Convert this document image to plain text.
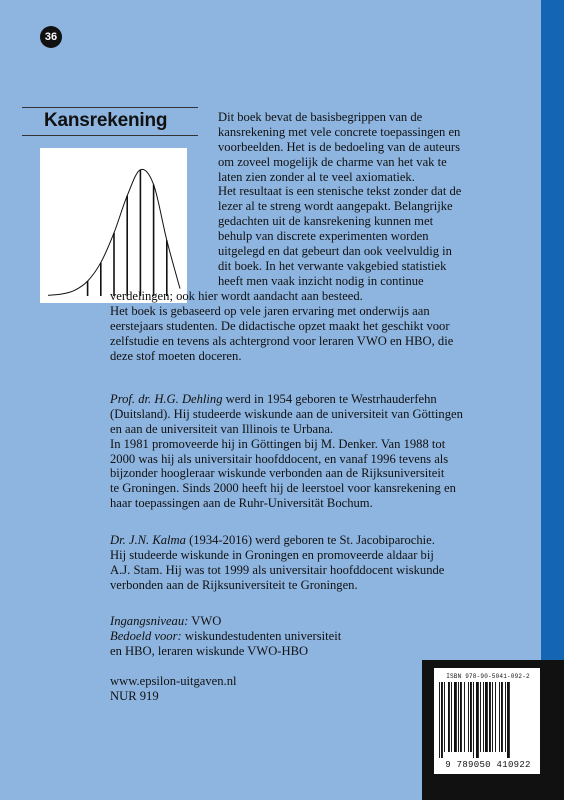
36
Kansrekening	Dit boek bevat de basisbegrippen van de
kansrekening met vele concrete toepassingen en
voorbeelden. Het is de bedoeling van de auteurs
om zoveel mogelijk de charme van het vak te
laten zien zonder al te veel axiomatiek.
Het resultaat is een stenische tekst zonder dat de
lezer al te streng wordt aangepakt. Belangrijke
gedachten uit de kansrekening kunnen met
behulp van discrete experimenten worden
uitgelegd en dat gebeurt dan ook veelvuldig in
dit boek. In het verwante vakgebied statistiek
heeft men vaak inzicht nodig in continue
verdelingen; ook hier wordt aandacht aan besteed.
Het boek is gebaseerd op vele jaren ervaring met onderwijs aan
eerstejaars studenten. De didactische opzet maakt het geschikt voor
zelfstudie en tevens als achtergrond voor leraren VWO en HBO, die
deze stof moeten doceren.
Prof. dr. H.G. Dehling werd in 1954 geboren te Westrhauderfehn
(Duitsland). Hij studeerde wiskunde aan de universiteit van Göttingen
en aan de universiteit van Illinois te Urbana.
In 1981 promoveerde hij in Göttingen bij M. Denker. Van 1988 tot
2000 was hij als universitair hoofddocent, en vanaf 1996 tevens als
bijzonder hoogleraar wiskunde verbonden aan de Rijksuniversiteit
te Groningen. Sinds 2000 heeft hij de leerstoel voor kansrekening en
haar toepassingen aan de Ruhr-Universität Bochum.
Dr. J.N. Kalma (1934-2016) werd geboren te St. Jacobiparochie.
Hij studeerde wiskunde in Groningen en promoveerde aldaar bij
A.J. Stam. Hij was tot 1999 als universitair hoofddocent wiskunde
verbonden aan de Rijksuniversiteit te Groningen.
Ingangsniveau: VWO
Bedoeld voor: wiskundestudenten universiteit
en HBO, leraren wiskunde VWO-HBO
www.epsilon-uitgaven.nl
NUR 919
ISBN 978-90-5041-092-2
9 789050 410922
